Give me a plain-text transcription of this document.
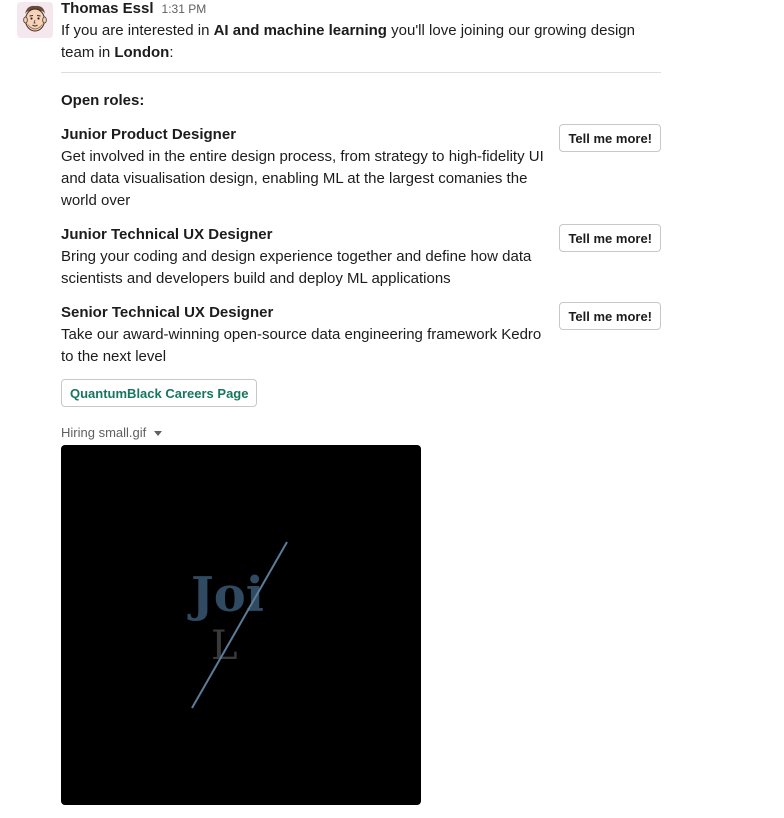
Thomas Essl 1:31 PM
If you are interested in AI and machine learning you'll love joining our growing design team in London:
Open roles:
Junior Product Designer
Get involved in the entire design process, from strategy to high-fidelity UI and data visualisation design, enabling ML at the largest comanies the world over
Tell me more!
Junior Technical UX Designer
Bring your coding and design experience together and define how data scientists and developers build and deploy ML applications
Tell me more!
Senior Technical UX Designer
Take our award-winning open-source data engineering framework Kedro to the next level
Tell me more!
QuantumBlack Careers Page
Hiring small.gif
Joi
L
